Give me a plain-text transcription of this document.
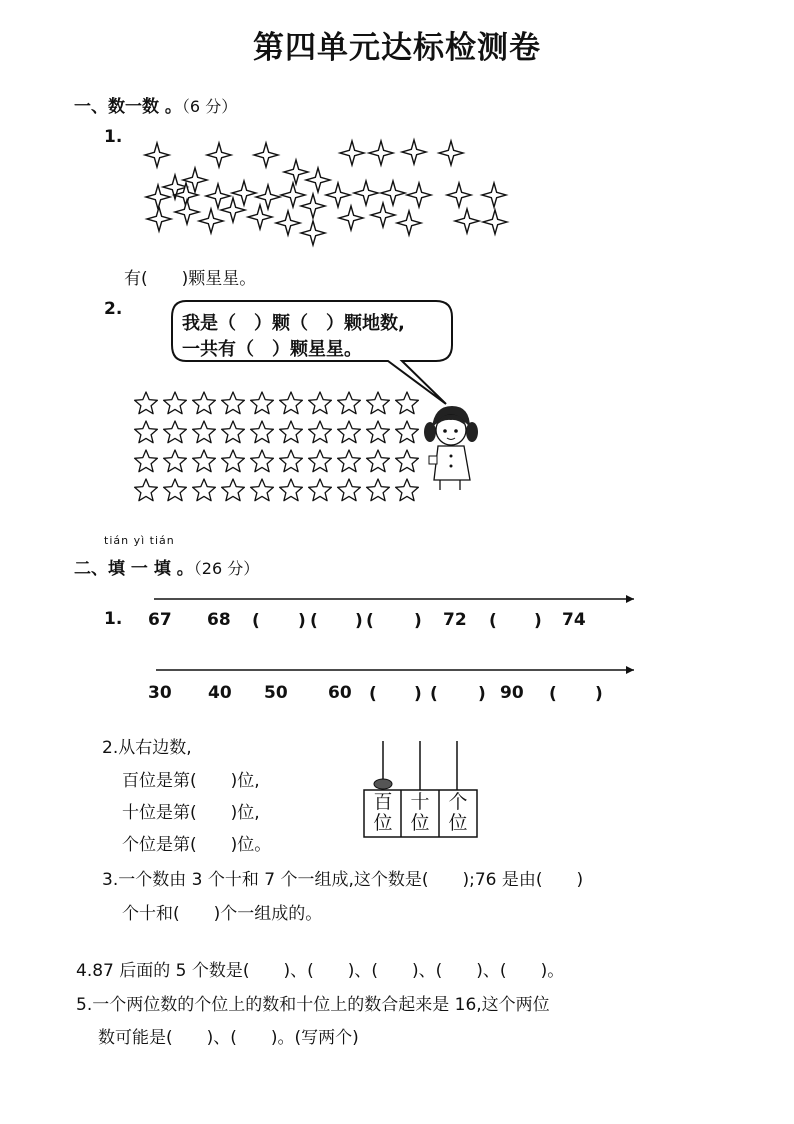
第四单元达标检测卷
一、数一数 。（6 分）
1.
有(　　)颗星星。
2.
我是（　）颗（　）颗地数,
一共有（　）颗星星。
tián yì tián
二、填 一 填 。（26 分）
1. 67 68 ( ) ( ) ( ) 72 ( ) 74
30 40 50 60 ( ) ( ) 90 ( )
2.从右边数,
百位是第(　　)位,
十位是第(　　)位,
个位是第(　　)位。
百
位
十
位
个
位
3.一个数由 3 个十和 7 个一组成,这个数是(　　);76 是由(　　)
个十和(　　)个一组成的。
4.87 后面的 5 个数是(　　)、(　　)、(　　)、(　　)、(　　)。
5.一个两位数的个位上的数和十位上的数合起来是 16,这个两位
数可能是(　　)、(　　)。(写两个)
